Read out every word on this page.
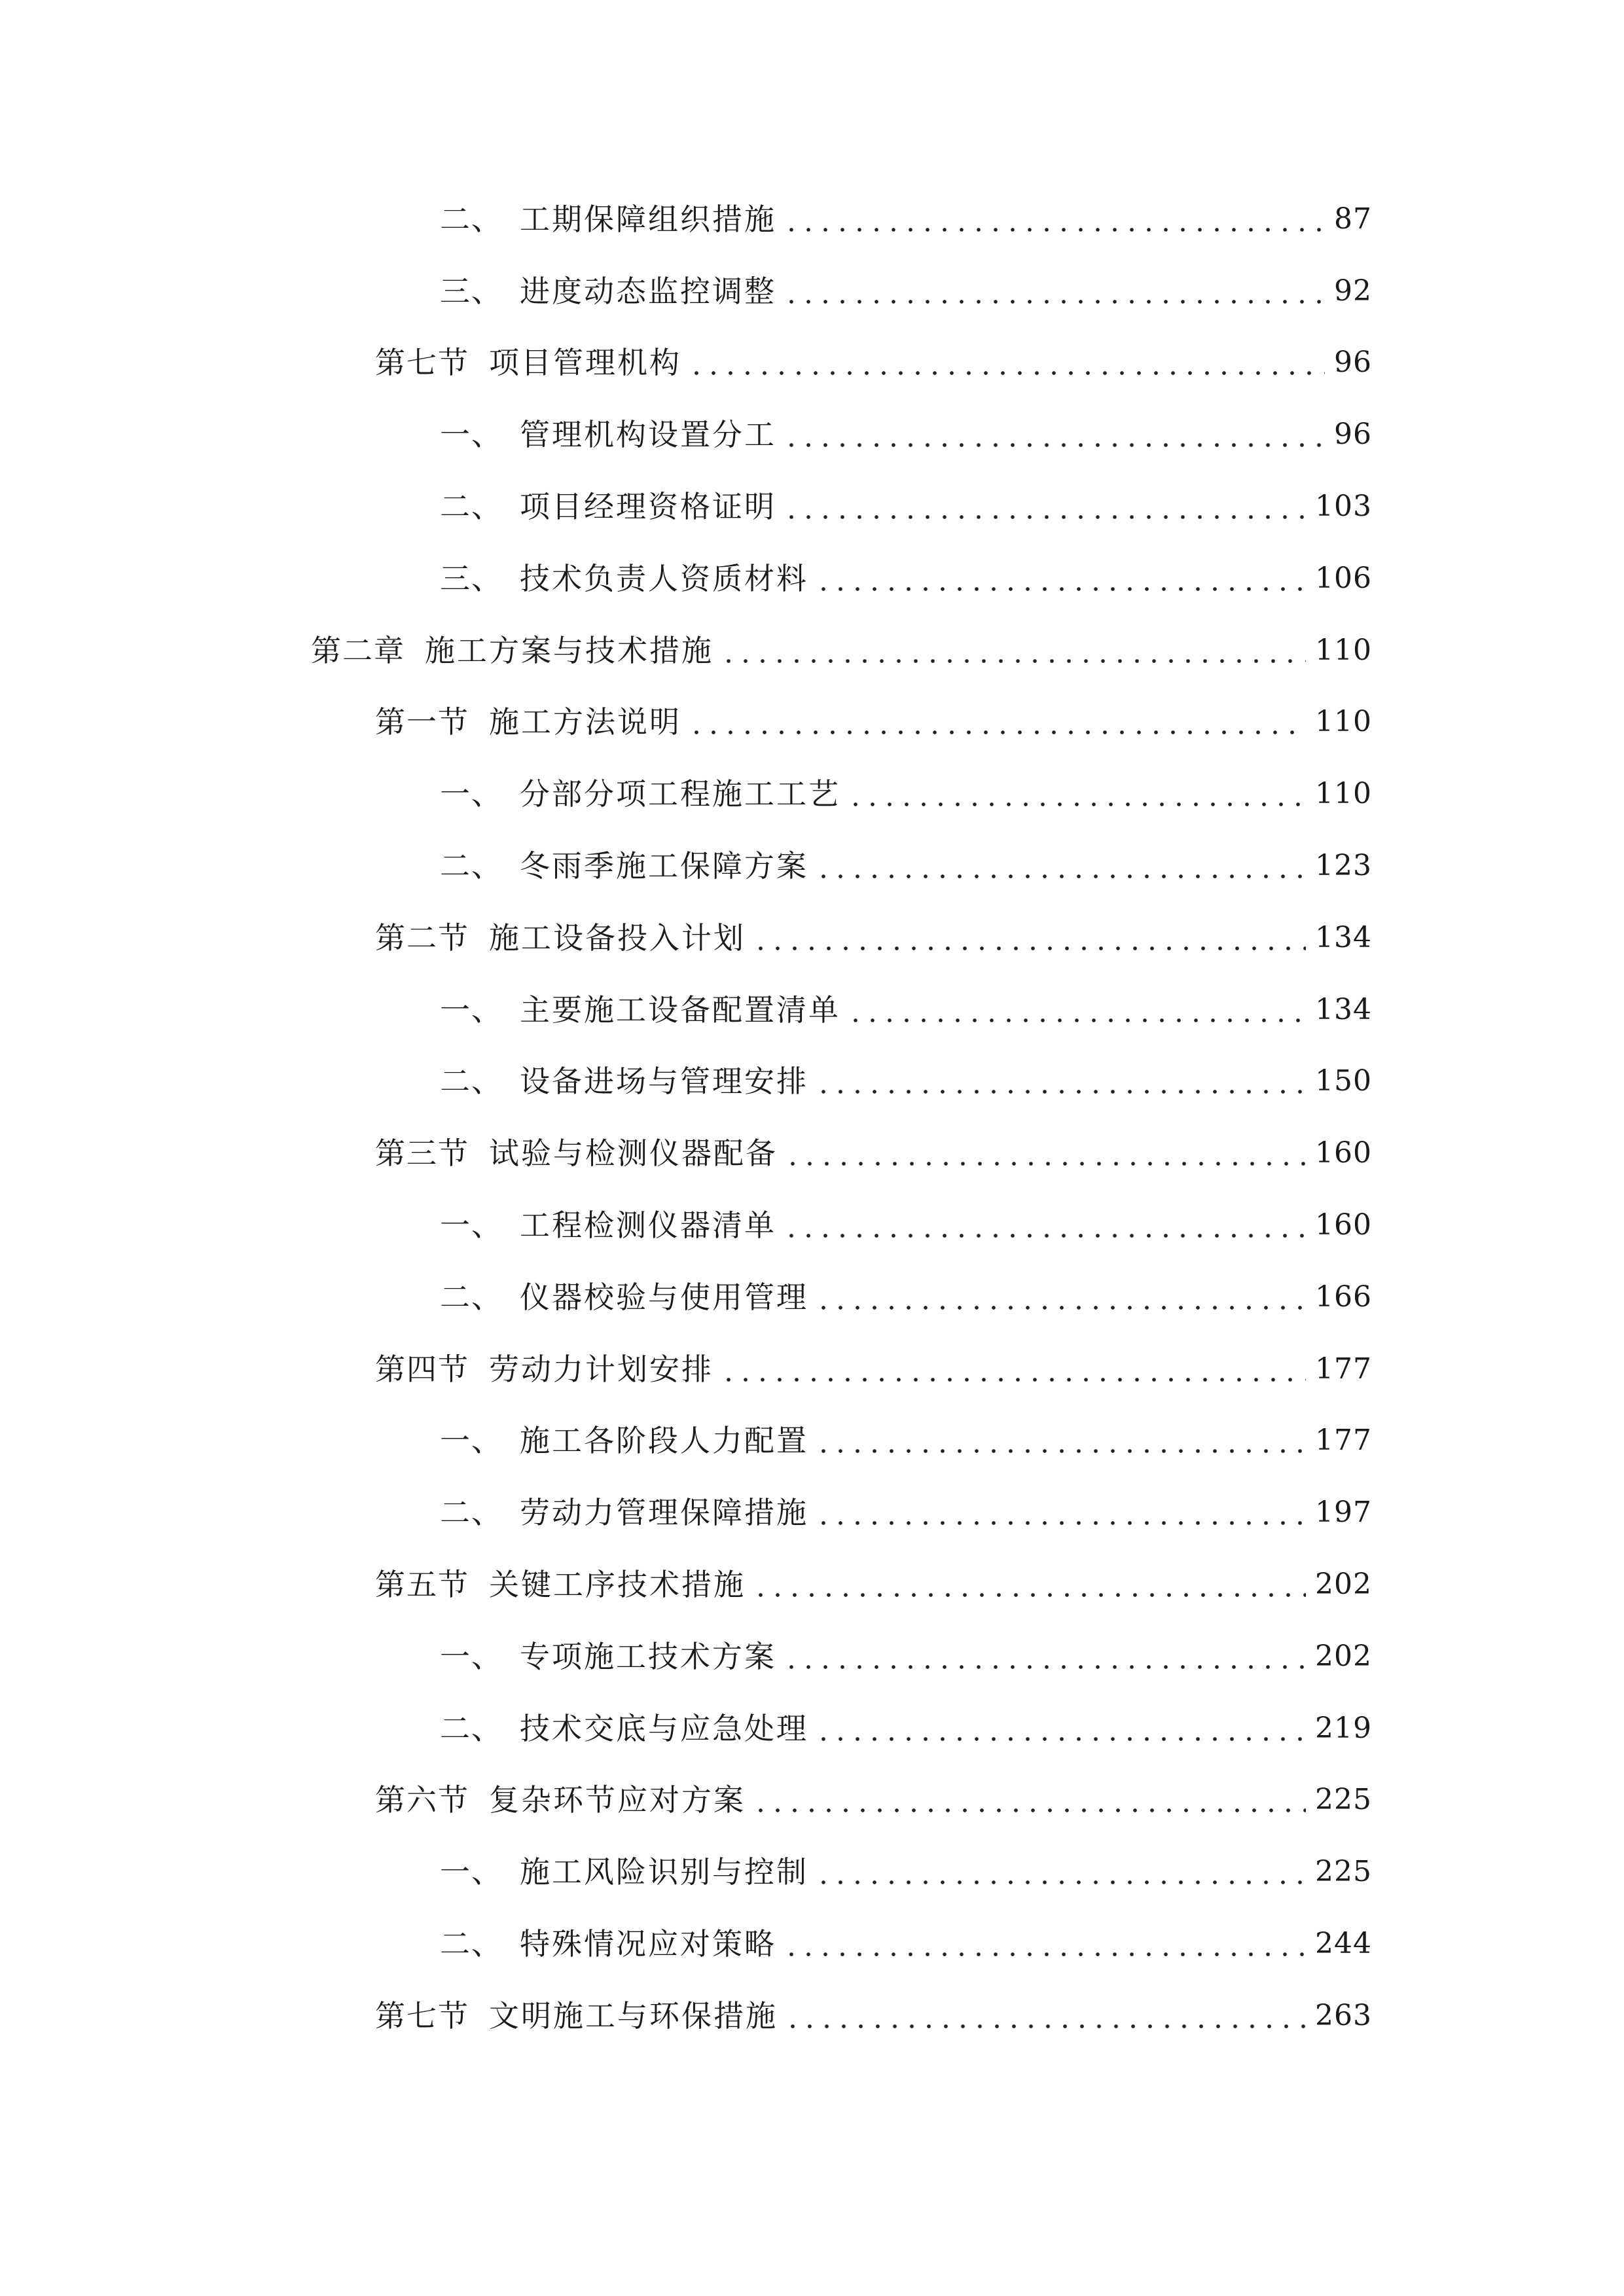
二、 工期保障组织措施	87
三、 进度动态监控调整	92
第七节 项目管理机构	96
一、 管理机构设置分工	96
二、 项目经理资格证明	103
三、 技术负责人资质材料	106
第二章 施工方案与技术措施	110
第一节 施工方法说明	110
一、 分部分项工程施工工艺	110
二、 冬雨季施工保障方案	123
第二节 施工设备投入计划	134
一、 主要施工设备配置清单	134
二、 设备进场与管理安排	150
第三节 试验与检测仪器配备	160
一、 工程检测仪器清单	160
二、 仪器校验与使用管理	166
第四节 劳动力计划安排	177
一、 施工各阶段人力配置	177
二、 劳动力管理保障措施	197
第五节 关键工序技术措施	202
一、 专项施工技术方案	202
二、 技术交底与应急处理	219
第六节 复杂环节应对方案	225
一、 施工风险识别与控制	225
二、 特殊情况应对策略	244
第七节 文明施工与环保措施	263
